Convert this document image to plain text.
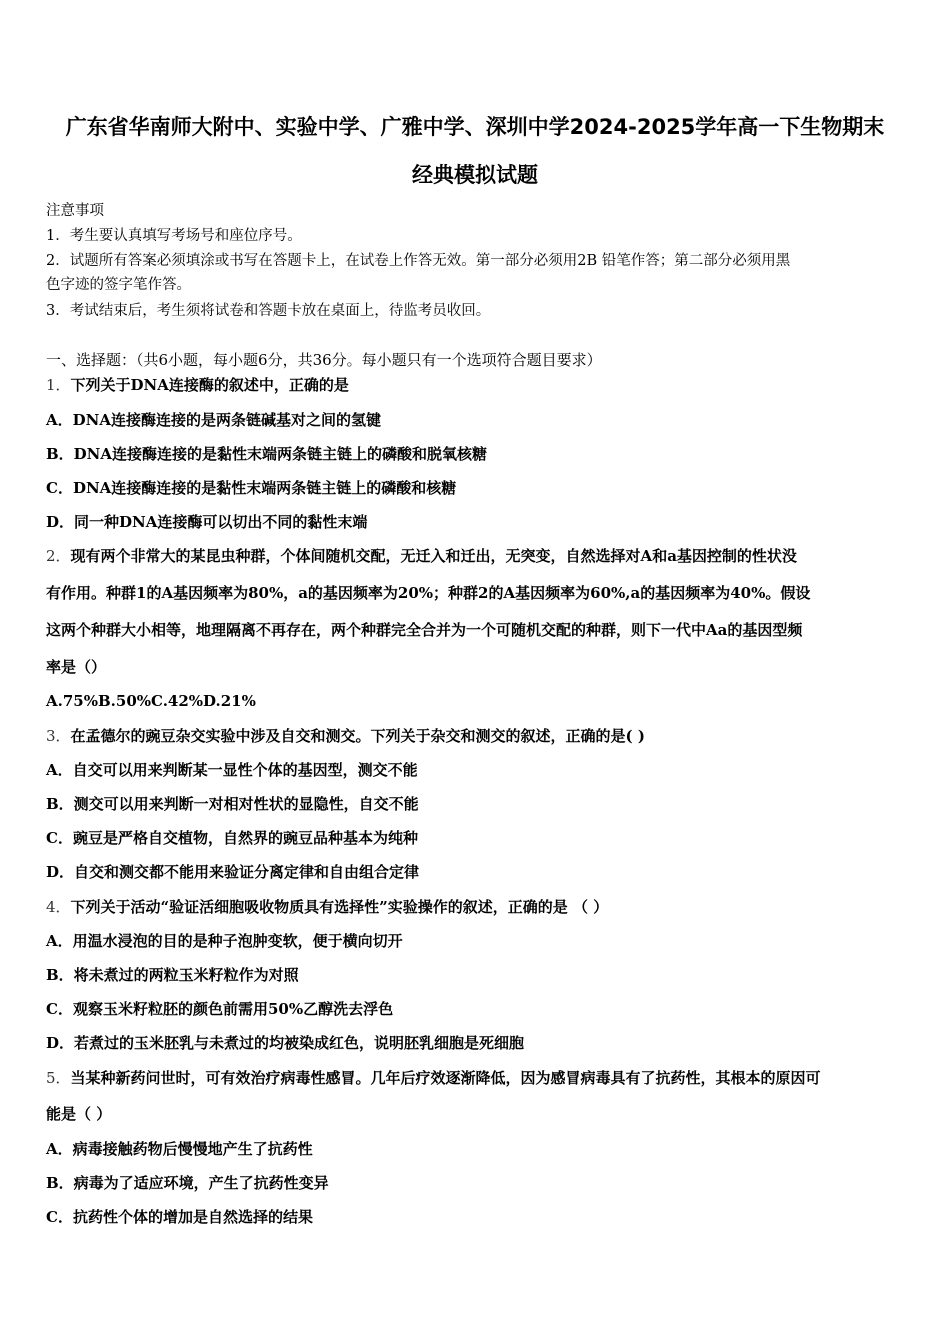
广东省华南师大附中、实验中学、广雅中学、深圳中学2024-2025学年高一下生物期末
经典模拟试题
注意事项
1．考生要认真填写考场号和座位序号。
2．试题所有答案必须填涂或书写在答题卡上，在试卷上作答无效。第一部分必须用2B 铅笔作答；第二部分必须用黑
色字迹的签字笔作答。
3．考试结束后，考生须将试卷和答题卡放在桌面上，待监考员收回。
一、选择题：（共6小题，每小题6分，共36分。每小题只有一个选项符合题目要求）
1．下列关于DNA连接酶的叙述中，正确的是
A．DNA连接酶连接的是两条链碱基对之间的氢键
B．DNA连接酶连接的是黏性末端两条链主链上的磷酸和脱氧核糖
C．DNA连接酶连接的是黏性末端两条链主链上的磷酸和核糖
D．同一种DNA连接酶可以切出不同的黏性末端
2．现有两个非常大的某昆虫种群，个体间随机交配，无迁入和迁出，无突变，自然选择对A和a基因控制的性状没
有作用。种群1的A基因频率为80%，a的基因频率为20%；种群2的A基因频率为60%,a的基因频率为40%。假设
这两个种群大小相等，地理隔离不再存在，两个种群完全合并为一个可随机交配的种群，则下一代中Aa的基因型频
率是（）
A.75%B.50%C.42%D.21%
3．在孟德尔的豌豆杂交实验中涉及自交和测交。下列关于杂交和测交的叙述，正确的是( )
A．自交可以用来判断某一显性个体的基因型，测交不能
B．测交可以用来判断一对相对性状的显隐性，自交不能
C．豌豆是严格自交植物，自然界的豌豆品种基本为纯种
D．自交和测交都不能用来验证分离定律和自由组合定律
4．下列关于活动“验证活细胞吸收物质具有选择性”实验操作的叙述，正确的是 （ ）
A．用温水浸泡的目的是种子泡肿变软，便于横向切开
B．将未煮过的两粒玉米籽粒作为对照
C．观察玉米籽粒胚的颜色前需用50%乙醇洗去浮色
D．若煮过的玉米胚乳与未煮过的均被染成红色，说明胚乳细胞是死细胞
5．当某种新药问世时，可有效治疗病毒性感冒。几年后疗效逐渐降低，因为感冒病毒具有了抗药性，其根本的原因可
能是（ ）
A．病毒接触药物后慢慢地产生了抗药性
B．病毒为了适应环境，产生了抗药性变异
C．抗药性个体的增加是自然选择的结果
